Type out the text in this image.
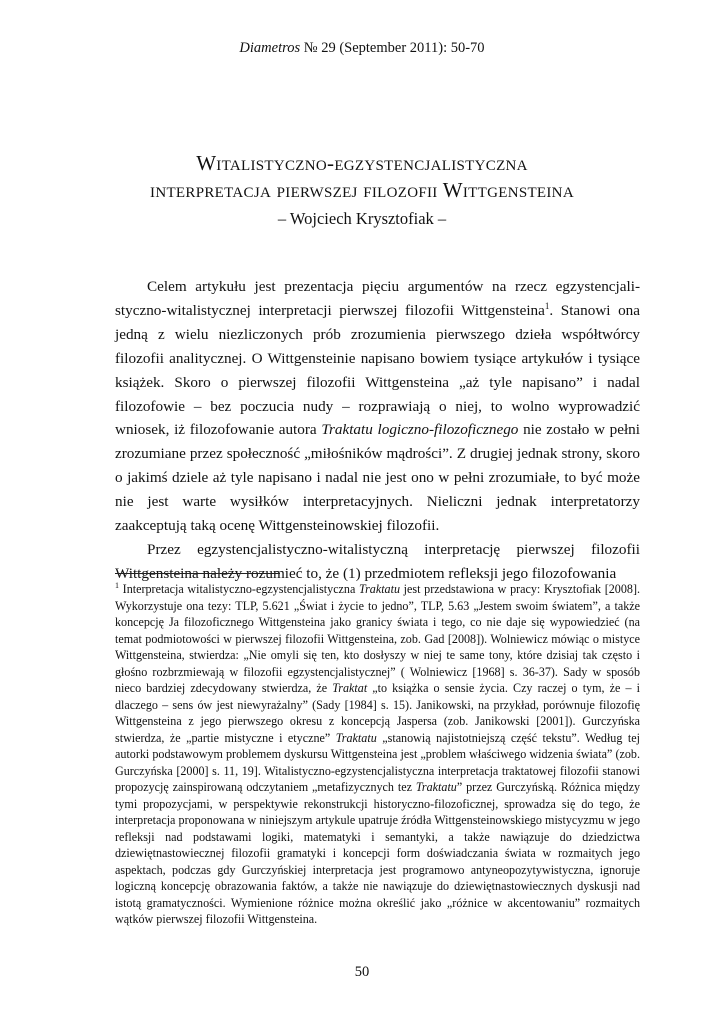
Diametros № 29 (September 2011): 50-70
Witalistyczno-egzystencjalistyczna
interpretacja pierwszej filozofii Wittgensteina
– Wojciech Krysztofiak –

Celem artykułu jest prezentacja pięciu argumentów na rzecz egzystencjalistyczno-witalistycznej interpretacji pierwszej filozofii Wittgensteina$^1$. Stanowi ona jedną z wielu niezliczonych prób zrozumienia pierwszego dzieła współtwórcy filozofii analitycznej. O Wittgensteinie napisano bowiem tysiące artykułów i tysiące książek. Skoro o pierwszej filozofii Wittgensteina „aż tyle napisano” i nadal filozofowie – bez poczucia nudy – rozprawiają o niej, to wolno wyprowadzić wniosek, iż filozofowanie autora Traktatu logiczno-filozoficznego nie zostało w pełni zrozumiane przez społeczność „miłośników mądrości”. Z drugiej jednak strony, skoro o jakimś dziele aż tyle napisano i nadal nie jest ono w pełni zrozumiałe, to być może nie jest warte wysiłków interpretacyjnych. Nieliczni jednak interpretatorzy zaakceptują taką ocenę Wittgensteinowskiej filozofii.

Przez egzystencjalistyczno-witalistyczną interpretację pierwszej filozofii Wittgensteina należy rozumieć to, że (1) przedmiotem refleksji jego filozofowania

$^1$ Interpretacja witalistyczno-egzystencjalistyczna Traktatu jest przedstawiona w pracy: Krysztofiak [2008]. Wykorzystuje ona tezy: TLP, 5.621 „Świat i życie to jedno”, TLP, 5.63 „Jestem swoim światem”, a także koncepcję Ja filozoficznego Wittgensteina jako granicy świata i tego, co nie daje się wypowiedzieć (na temat podmiotowości w pierwszej filozofii Wittgensteina, zob. Gad [2008]). Wolniewicz mówiąc o mistyce Wittgensteina, stwierdza: „Nie omyli się ten, kto dosłyszy w niej te same tony, które dzisiaj tak często i głośno rozbrzmiewają w filozofii egzystencjalistycznej” ( Wolniewicz [1968] s. 36-37). Sady w sposób nieco bardziej zdecydowany stwierdza, że Traktat „to książka o sensie życia. Czy raczej o tym, że – i dlaczego – sens ów jest niewyrażalny” (Sady [1984] s. 15). Janikowski, na przykład, porównuje filozofię Wittgensteina z jego pierwszego okresu z koncepcją Jaspersa (zob. Janikowski [2001]). Gurczyńska stwierdza, że „partie mistyczne i etyczne” Traktatu „stanowią najistotniejszą część tekstu”. Według tej autorki podstawowym problemem dyskursu Wittgensteina jest „problem właściwego widzenia świata” (zob. Gurczyńska [2000] s. 11, 19]. Witalistyczno-egzystencjalistyczna interpretacja traktatowej filozofii stanowi propozycję zainspirowaną odczytaniem „metafizycznych tez Traktatu” przez Gurczyńską. Różnica między tymi propozycjami, w perspektywie rekonstrukcji historyczno-filozoficznej, sprowadza się do tego, że interpretacja proponowana w niniejszym artykule upatruje źródła Wittgensteinowskiego mistycyzmu w jego refleksji nad podstawami logiki, matematyki i semantyki, a także nawiązuje do dziedzictwa dziewiętnastowiecznej filozofii gramatyki i koncepcji form doświadczania świata w rozmaitych jego aspektach, podczas gdy Gurczyńskiej interpretacja jest programowo antyneopozytywistyczna, ignoruje logiczną koncepcję obrazowania faktów, a także nie nawiązuje do dziewiętnastowiecznych dyskusji nad istotą gramatyczności. Wymienione różnice można określić jako „różnice w akcentowaniu” rozmaitych wątków pierwszej filozofii Wittgensteina.

50
